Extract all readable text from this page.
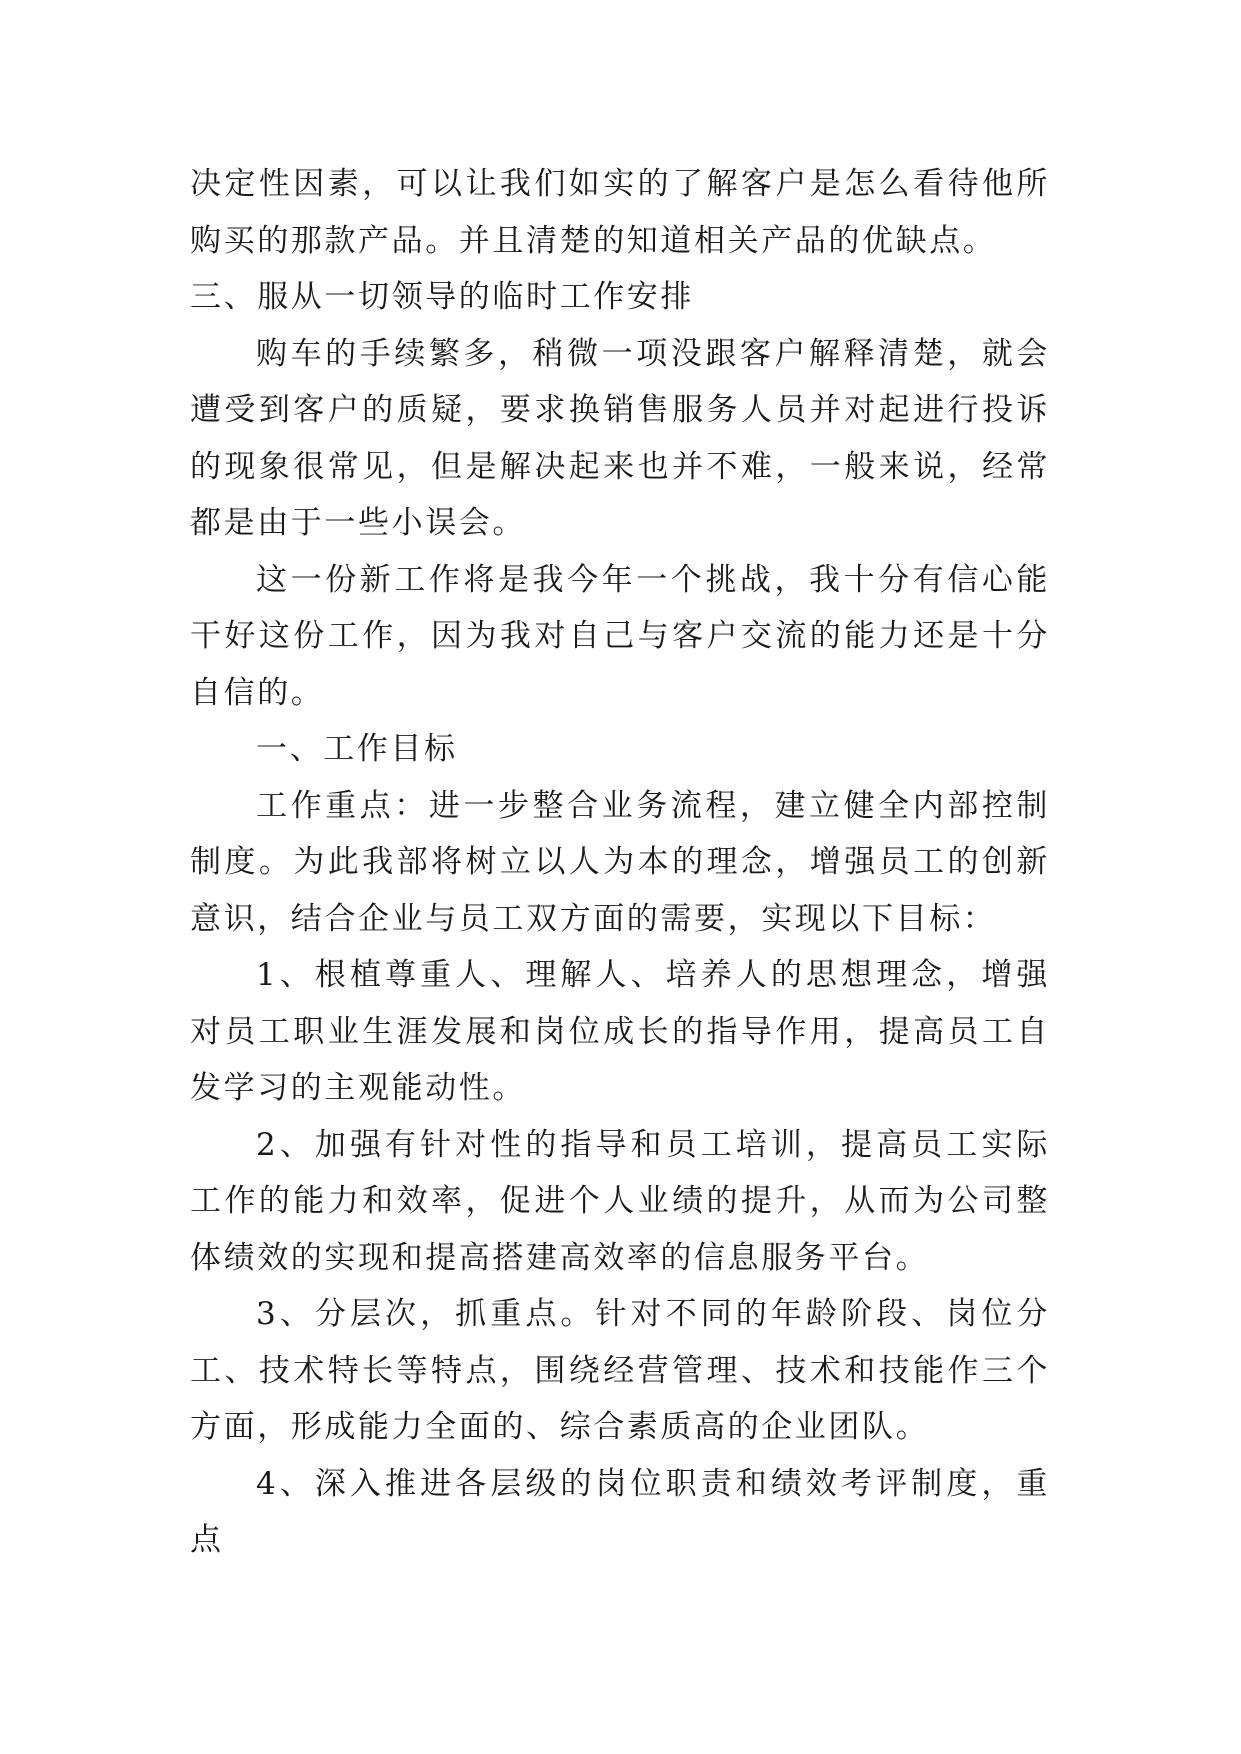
决定性因素，可以让我们如实的了解客户是怎么看待他所购买的那款产品。并且清楚的知道相关产品的优缺点。

三、服从一切领导的临时工作安排

购车的手续繁多，稍微一项没跟客户解释清楚，就会遭受到客户的质疑，要求换销售服务人员并对起进行投诉的现象很常见，但是解决起来也并不难，一般来说，经常都是由于一些小误会。

这一份新工作将是我今年一个挑战，我十分有信心能干好这份工作，因为我对自己与客户交流的能力还是十分自信的。

一、工作目标

工作重点：进一步整合业务流程，建立健全内部控制制度。为此我部将树立以人为本的理念，增强员工的创新意识，结合企业与员工双方面的需要，实现以下目标：

1、根植尊重人、理解人、培养人的思想理念，增强对员工职业生涯发展和岗位成长的指导作用，提高员工自发学习的主观能动性。

2、加强有针对性的指导和员工培训，提高员工实际工作的能力和效率，促进个人业绩的提升，从而为公司整体绩效的实现和提高搭建高效率的信息服务平台。

3、分层次，抓重点。针对不同的年龄阶段、岗位分工、技术特长等特点，围绕经营管理、技术和技能作三个方面，形成能力全面的、综合素质高的企业团队。

4、深入推进各层级的岗位职责和绩效考评制度，重点
